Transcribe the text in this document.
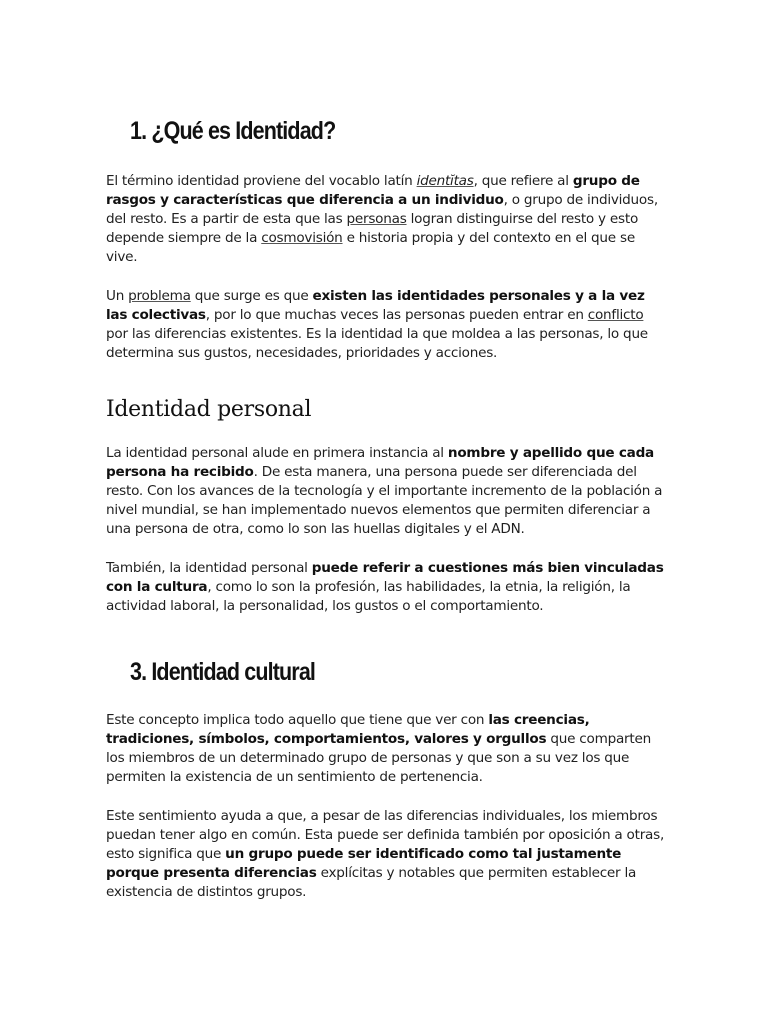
1. ¿Qué es Identidad?

El término identidad proviene del vocablo latín identĭtas, que refiere al grupo de rasgos y características que diferencia a un individuo, o grupo de individuos, del resto. Es a partir de esta que las personas logran distinguirse del resto y esto depende siempre de la cosmovisión e historia propia y del contexto en el que se vive.

Un problema que surge es que existen las identidades personales y a la vez las colectivas, por lo que muchas veces las personas pueden entrar en conflicto por las diferencias existentes. Es la identidad la que moldea a las personas, lo que determina sus gustos, necesidades, prioridades y acciones.

Identidad personal

La identidad personal alude en primera instancia al nombre y apellido que cada persona ha recibido. De esta manera, una persona puede ser diferenciada del resto. Con los avances de la tecnología y el importante incremento de la población a nivel mundial, se han implementado nuevos elementos que permiten diferenciar a una persona de otra, como lo son las huellas digitales y el ADN.

También, la identidad personal puede referir a cuestiones más bien vinculadas con la cultura, como lo son la profesión, las habilidades, la etnia, la religión, la actividad laboral, la personalidad, los gustos o el comportamiento.

3. Identidad cultural

Este concepto implica todo aquello que tiene que ver con las creencias, tradiciones, símbolos, comportamientos, valores y orgullos que comparten los miembros de un determinado grupo de personas y que son a su vez los que permiten la existencia de un sentimiento de pertenencia.

Este sentimiento ayuda a que, a pesar de las diferencias individuales, los miembros puedan tener algo en común. Esta puede ser definida también por oposición a otras, esto significa que un grupo puede ser identificado como tal justamente porque presenta diferencias explícitas y notables que permiten establecer la existencia de distintos grupos.
